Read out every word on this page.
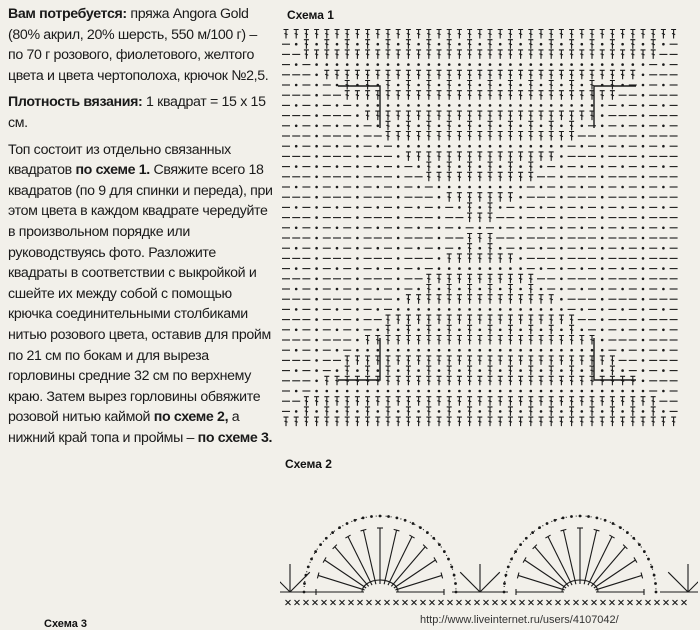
Вам потребуется: пряжа Angora Gold (80% акрил, 20% шерсть, 550 м/100 г) – по 70 г розового, фиолетового, желтого цвета и цвета чертополоха, крючок №2,5.

Плотность вязания: 1 квадрат = 15 x 15 см.

Топ состоит из отдельно связанных квадратов по схеме 1. Свяжите всего 18 квадратов (по 9 для спинки и переда), при этом цвета в каждом квадрате чередуйте в произвольном порядке или руководствуясь фото. Разложите квадраты в соответствии с выкройкой и сшейте их между собой с помощью крючка соединительными столбиками нитью розового цвета, оставив для пройм по 21 см по бокам и для выреза горловины средние 32 см по верхнему краю. Затем вырез горловины обвяжите розовой нитью каймой по схеме 2, а нижний край топа и проймы – по схеме 3.

Схема 1
Схема 2
Схема 3	http://www.liveinternet.ru/users/4107042/
